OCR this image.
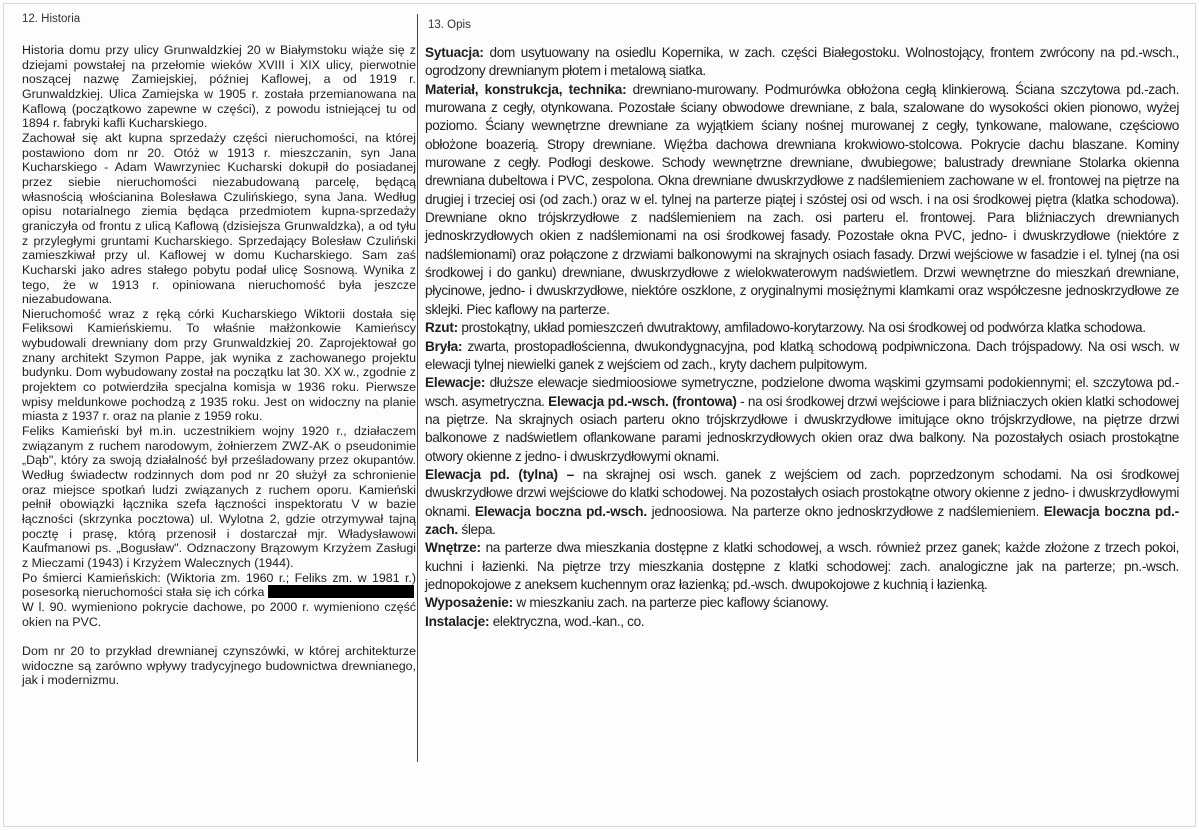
12. Historia

Historia domu przy ulicy Grunwaldzkiej 20 w Białymstoku wiąże się z dziejami powstałej na przełomie wieków XVIII i XIX ulicy, pierwotnie noszącej nazwę Zamiejskiej, później Kaflowej, a od 1919 r. Grunwaldzkiej. Ulica Zamiejska w 1905 r. została przemianowana na Kaflową (początkowo zapewne w części), z powodu istniejącej tu od 1894 r. fabryki kafli Kucharskiego.

Zachował się akt kupna sprzedaży części nieruchomości, na której postawiono dom nr 20. Otóż w 1913 r. mieszczanin, syn Jana Kucharskiego - Adam Wawrzyniec Kucharski dokupił do posiadanej przez siebie nieruchomości niezabudowaną parcelę, będącą własnością włościanina Bolesława Czulińskiego, syna Jana. Według opisu notarialnego ziemia będąca przedmiotem kupna-sprzedaży graniczyła od frontu z ulicą Kaflową (dzisiejsza Grunwaldzka), a od tyłu z przyległymi gruntami Kucharskiego. Sprzedający Bolesław Czuliński zamieszkiwał przy ul. Kaflowej w domu Kucharskiego. Sam zaś Kucharski jako adres stałego pobytu podał ulicę Sosnową. Wynika z tego, że w 1913 r. opiniowana nieruchomość była jeszcze niezabudowana.

Nieruchomość wraz z ręką córki Kucharskiego Wiktorii dostała się Feliksowi Kamieńskiemu. To właśnie małżonkowie Kamieńscy wybudowali drewniany dom przy Grunwaldzkiej 20. Zaprojektował go znany architekt Szymon Pappe, jak wynika z zachowanego projektu budynku. Dom wybudowany został na początku lat 30. XX w., zgodnie z projektem co potwierdziła specjalna komisja w 1936 roku. Pierwsze wpisy meldunkowe pochodzą z 1935 roku. Jest on widoczny na planie miasta z 1937 r. oraz na planie z 1959 roku.

Feliks Kamieński był m.in. uczestnikiem wojny 1920 r., działaczem związanym z ruchem narodowym, żołnierzem ZWZ-AK o pseudonimie „Dąb", który za swoją działalność był prześladowany przez okupantów. Według świadectw rodzinnych dom pod nr 20 służył za schronienie oraz miejsce spotkań ludzi związanych z ruchem oporu. Kamieński pełnił obowiązki łącznika szefa łączności inspektoratu V w bazie łączności (skrzynka pocztowa) ul. Wylotna 2, gdzie otrzymywał tajną pocztę i prasę, którą przenosił i dostarczał mjr. Władysławowi Kaufmanowi ps. „Bogusław". Odznaczony Brązowym Krzyżem Zasługi z Mieczami (1943) i Krzyżem Walecznych (1944).

Po śmierci Kamieńskich: (Wiktoria zm. 1960 r.; Feliks zm. w 1981 r.) posesorką nieruchomości stała się ich córka

W l. 90. wymieniono pokrycie dachowe, po 2000 r. wymieniono część okien na PVC.

Dom nr 20 to przykład drewnianej czynszówki, w której architekturze widoczne są zarówno wpływy tradycyjnego budownictwa drewnianego, jak i modernizmu.

13. Opis

Sytuacja: dom usytuowany na osiedlu Kopernika, w zach. części Białegostoku. Wolnostojący, frontem zwrócony na pd.-wsch., ogrodzony drewnianym płotem i metalową siatka.

Materiał, konstrukcja, technika: drewniano-murowany. Podmurówka obłożona cegłą klinkierową. Ściana szczytowa pd.-zach. murowana z cegły, otynkowana. Pozostałe ściany obwodowe drewniane, z bala, szalowane do wysokości okien pionowo, wyżej poziomo. Ściany wewnętrzne drewniane za wyjątkiem ściany nośnej murowanej z cegły, tynkowane, malowane, częściowo obłożone boazerią. Stropy drewniane. Więźba dachowa drewniana krokwiowo-stolcowa. Pokrycie dachu blaszane. Kominy murowane z cegły. Podłogi deskowe. Schody wewnętrzne drewniane, dwubiegowe; balustrady drewniane Stolarka okienna drewniana dubeltowa i PVC, zespolona. Okna drewniane dwuskrzydłowe z nadślemieniem zachowane w el. frontowej na piętrze na drugiej i trzeciej osi (od zach.) oraz w el. tylnej na parterze piątej i szóstej osi od wsch. i na osi środkowej piętra (klatka schodowa). Drewniane okno trójskrzydłowe z nadślemieniem na zach. osi parteru el. frontowej. Para bliźniaczych drewnianych jednoskrzydłowych okien z nadślemionami na osi środkowej fasady. Pozostałe okna PVC, jedno- i dwuskrzydłowe (niektóre z nadślemionami) oraz połączone z drzwiami balkonowymi na skrajnych osiach fasady. Drzwi wejściowe w fasadzie i el. tylnej (na osi środkowej i do ganku) drewniane, dwuskrzydłowe z wielokwaterowym nadświetlem. Drzwi wewnętrzne do mieszkań drewniane, płycinowe, jedno- i dwuskrzydłowe, niektóre oszklone, z oryginalnymi mosiężnymi klamkami oraz współczesne jednoskrzydłowe ze sklejki. Piec kaflowy na parterze.

Rzut: prostokątny, układ pomieszczeń dwutraktowy, amfiladowo-korytarzowy. Na osi środkowej od podwórza klatka schodowa.

Bryła: zwarta, prostopadłościenna, dwukondygnacyjna, pod klatką schodową podpiwniczona. Dach trójspadowy. Na osi wsch. w elewacji tylnej niewielki ganek z wejściem od zach., kryty dachem pulpitowym.

Elewacje: dłuższe elewacje siedmioosiowe symetryczne, podzielone dwoma wąskimi gzymsami podokiennymi; el. szczytowa pd.-wsch. asymetryczna. Elewacja pd.-wsch. (frontowa) - na osi środkowej drzwi wejściowe i para bliźniaczych okien klatki schodowej na piętrze. Na skrajnych osiach parteru okno trójskrzydłowe i dwuskrzydłowe imitujące okno trójskrzydłowe, na piętrze drzwi balkonowe z nadświetlem oflankowane parami jednoskrzydłowych okien oraz dwa balkony. Na pozostałych osiach prostokątne otwory okienne z jedno- i dwuskrzydłowymi oknami.

Elewacja pd. (tylna) – na skrajnej osi wsch. ganek z wejściem od zach. poprzedzonym schodami. Na osi środkowej dwuskrzydłowe drzwi wejściowe do klatki schodowej. Na pozostałych osiach prostokątne otwory okienne z jedno- i dwuskrzydłowymi oknami. Elewacja boczna pd.-wsch. jednoosiowa. Na parterze okno jednoskrzydłowe z nadślemieniem. Elewacja boczna pd.-zach. ślepa.

Wnętrze: na parterze dwa mieszkania dostępne z klatki schodowej, a wsch. również przez ganek; każde złożone z trzech pokoi, kuchni i łazienki. Na piętrze trzy mieszkania dostępne z klatki schodowej: zach. analogiczne jak na parterze; pn.-wsch. jednopokojowe z aneksem kuchennym oraz łazienką; pd.-wsch. dwupokojowe z kuchnią i łazienką.

Wyposażenie: w mieszkaniu zach. na parterze piec kaflowy ścianowy.

Instalacje: elektryczna, wod.-kan., co.
